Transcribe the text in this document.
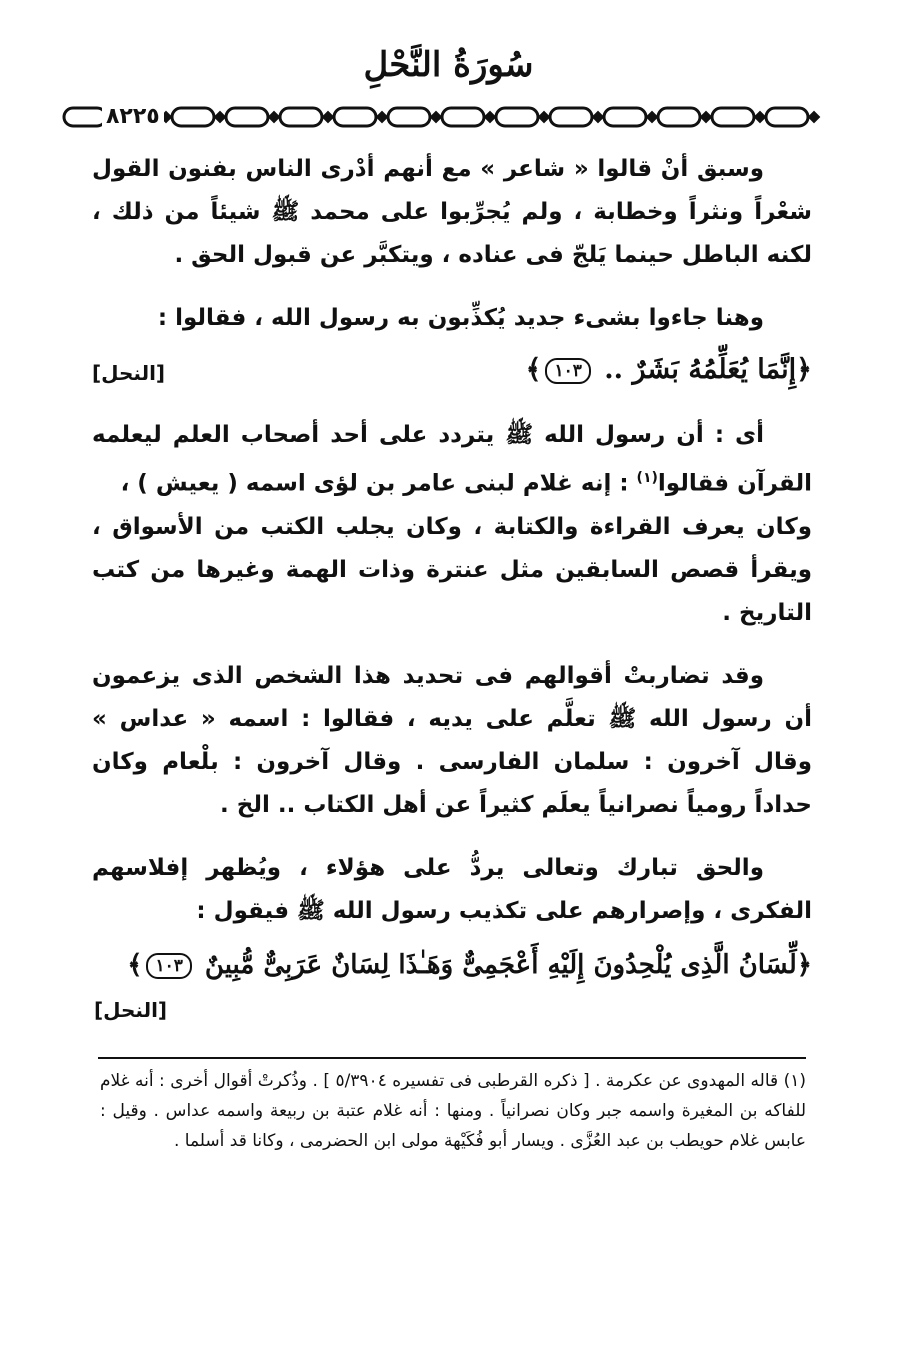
سُورَةُ النَّحْلِ
٨٢٢٥

وسبق أنْ قالوا « شاعر » مع أنهم أدْرى الناس بفنون القول شعْراً ونثراً وخطابة ، ولم يُجرِّبوا على محمد ﷺ شيئاً من ذلك ، لكنه الباطل حينما يَلجّ فى عناده ، ويتكبَّر عن قبول الحق .

وهنا جاءوا بشىء جديد يُكذِّبون به رسول الله ، فقالوا :

﴿إِنَّمَا يُعَلِّمُهُ بَشَرٌ .. ١٠٣﴾
[النحل]

أى : أن رسول الله ﷺ يتردد على أحد أصحاب العلم ليعلمه القرآن فقالوا$^{(١)}$ : إنه غلام لبنى عامر بن لؤى اسمه ( يعيش ) ،

وكان يعرف القراءة والكتابة ، وكان يجلب الكتب من الأسواق ، ويقرأ قصص السابقين مثل عنترة وذات الهمة وغيرها من كتب التاريخ .

وقد تضاربتْ أقوالهم فى تحديد هذا الشخص الذى يزعمون أن رسول الله ﷺ تعلَّم على يديه ، فقالوا : اسمه « عداس » وقال آخرون : سلمان الفارسى . وقال آخرون : بلْعام وكان حداداً رومياً نصرانياً يعلَم كثيراً عن أهل الكتاب .. الخ .

والحق تبارك وتعالى يردُّ على هؤلاء ، ويُظهر إفلاسهم الفكرى ، وإصرارهم على تكذيب رسول الله ﷺ فيقول :

﴿لِّسَانُ الَّذِى يُلْحِدُونَ إِلَيْهِ أَعْجَمِىٌّ وَهَـٰذَا لِسَانٌ عَرَبِىٌّ مُّبِينٌ ١٠٣﴾
[النحل]

(١) قاله المهدوى عن عكرمة . [ ذكره القرطبى فى تفسيره ٥/٣٩٠٤ ] . وذُكرتْ أقوال أخرى : أنه غلام للفاكه بن المغيرة واسمه جبر وكان نصرانياً . ومنها : أنه غلام عتبة بن ربيعة واسمه عداس . وقيل : عابس غلام حويطب بن عبد العُزَّى . ويسار أبو فُكَيْهة مولى ابن الحضرمى ، وكانا قد أسلما .
